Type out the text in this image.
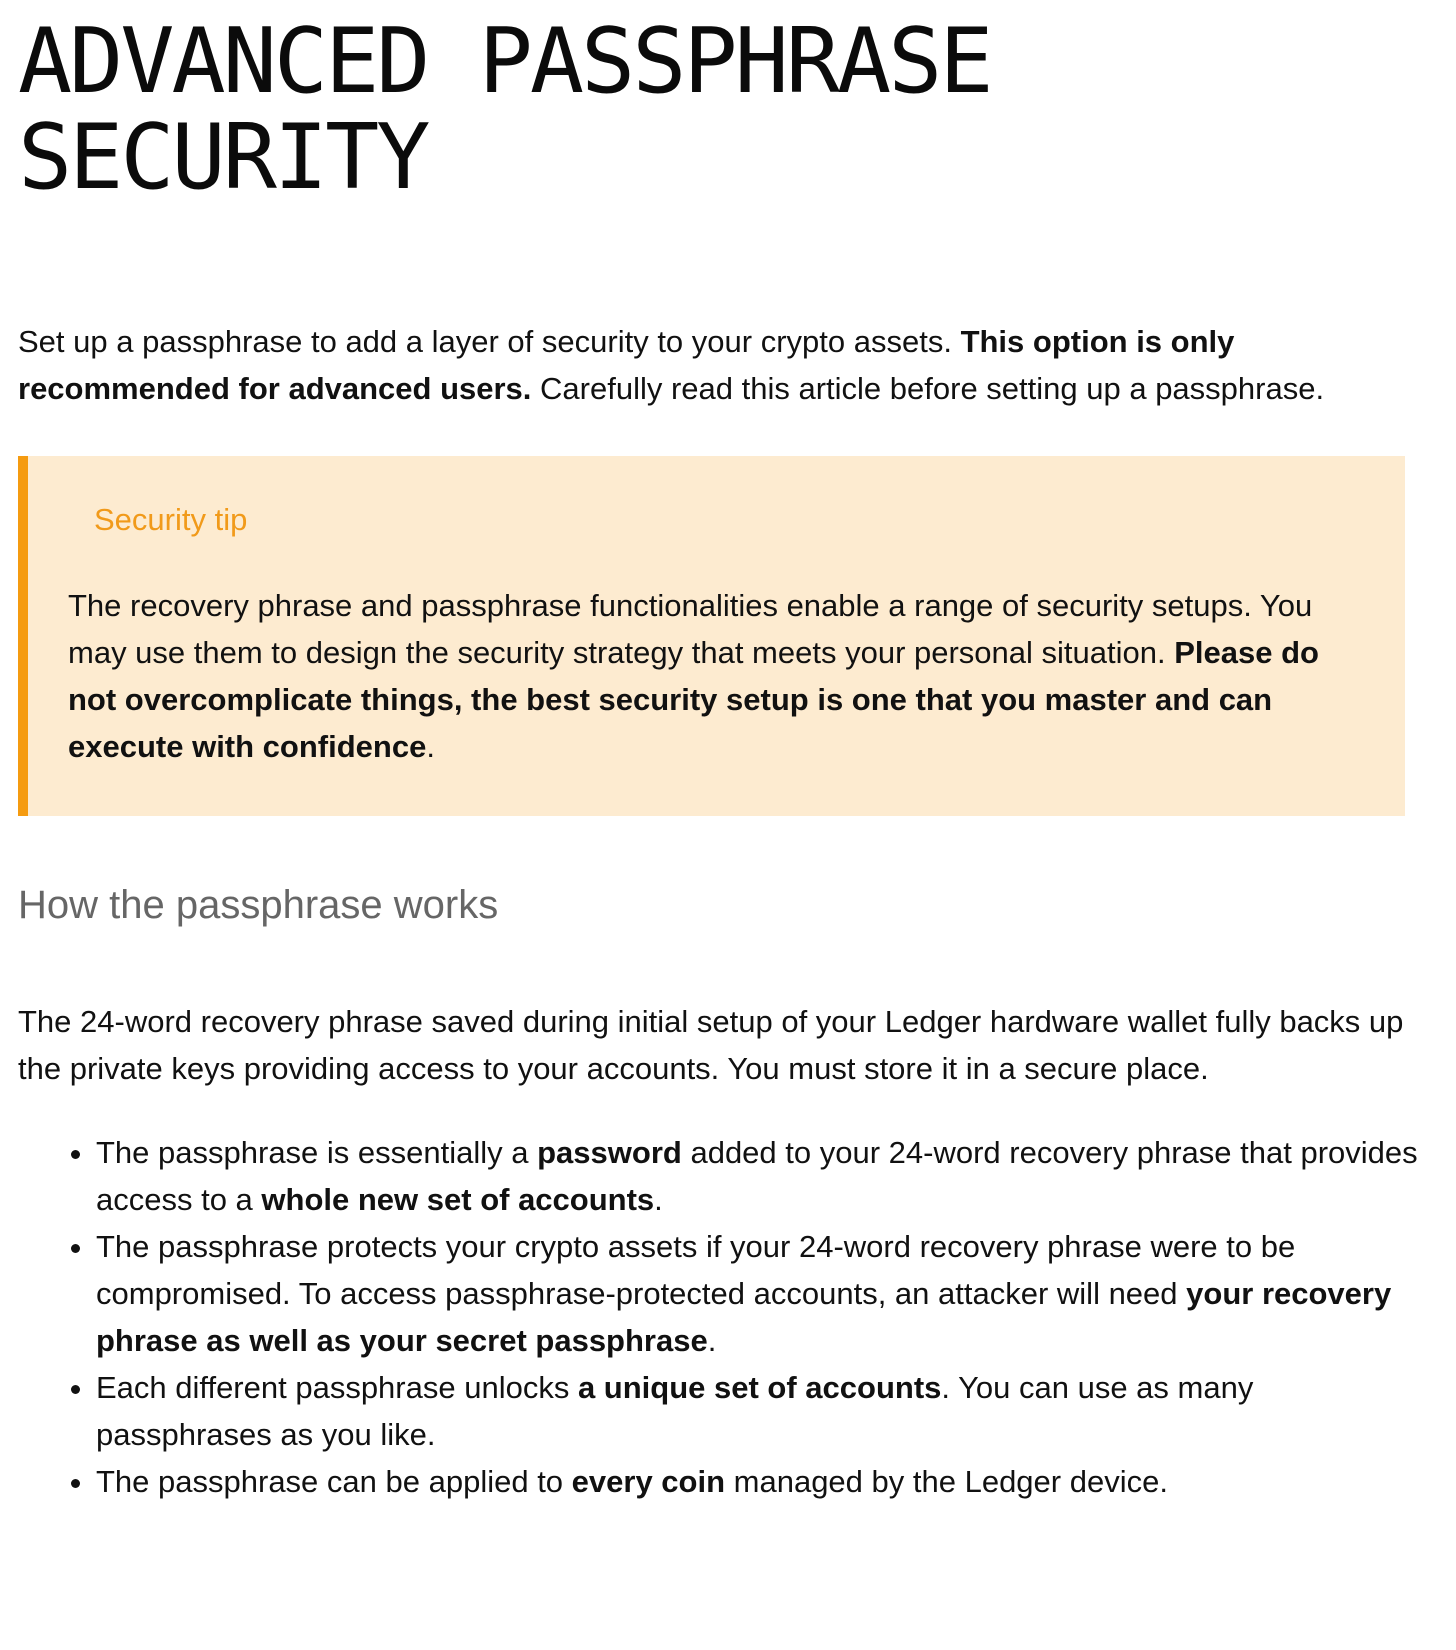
ADVANCED PASSPHRASE SECURITY

Set up a passphrase to add a layer of security to your crypto assets. This option is only recommended for advanced users. Carefully read this article before setting up a passphrase.

Security tip

The recovery phrase and passphrase functionalities enable a range of security setups. You may use them to design the security strategy that meets your personal situation. Please do not overcomplicate things, the best security setup is one that you master and can execute with confidence.

How the passphrase works

The 24-word recovery phrase saved during initial setup of your Ledger hardware wallet fully backs up the private keys providing access to your accounts. You must store it in a secure place.

• The passphrase is essentially a password added to your 24-word recovery phrase that provides access to a whole new set of accounts.
• The passphrase protects your crypto assets if your 24-word recovery phrase were to be compromised. To access passphrase-protected accounts, an attacker will need your recovery phrase as well as your secret passphrase.
• Each different passphrase unlocks a unique set of accounts. You can use as many passphrases as you like.
• The passphrase can be applied to every coin managed by the Ledger device.
